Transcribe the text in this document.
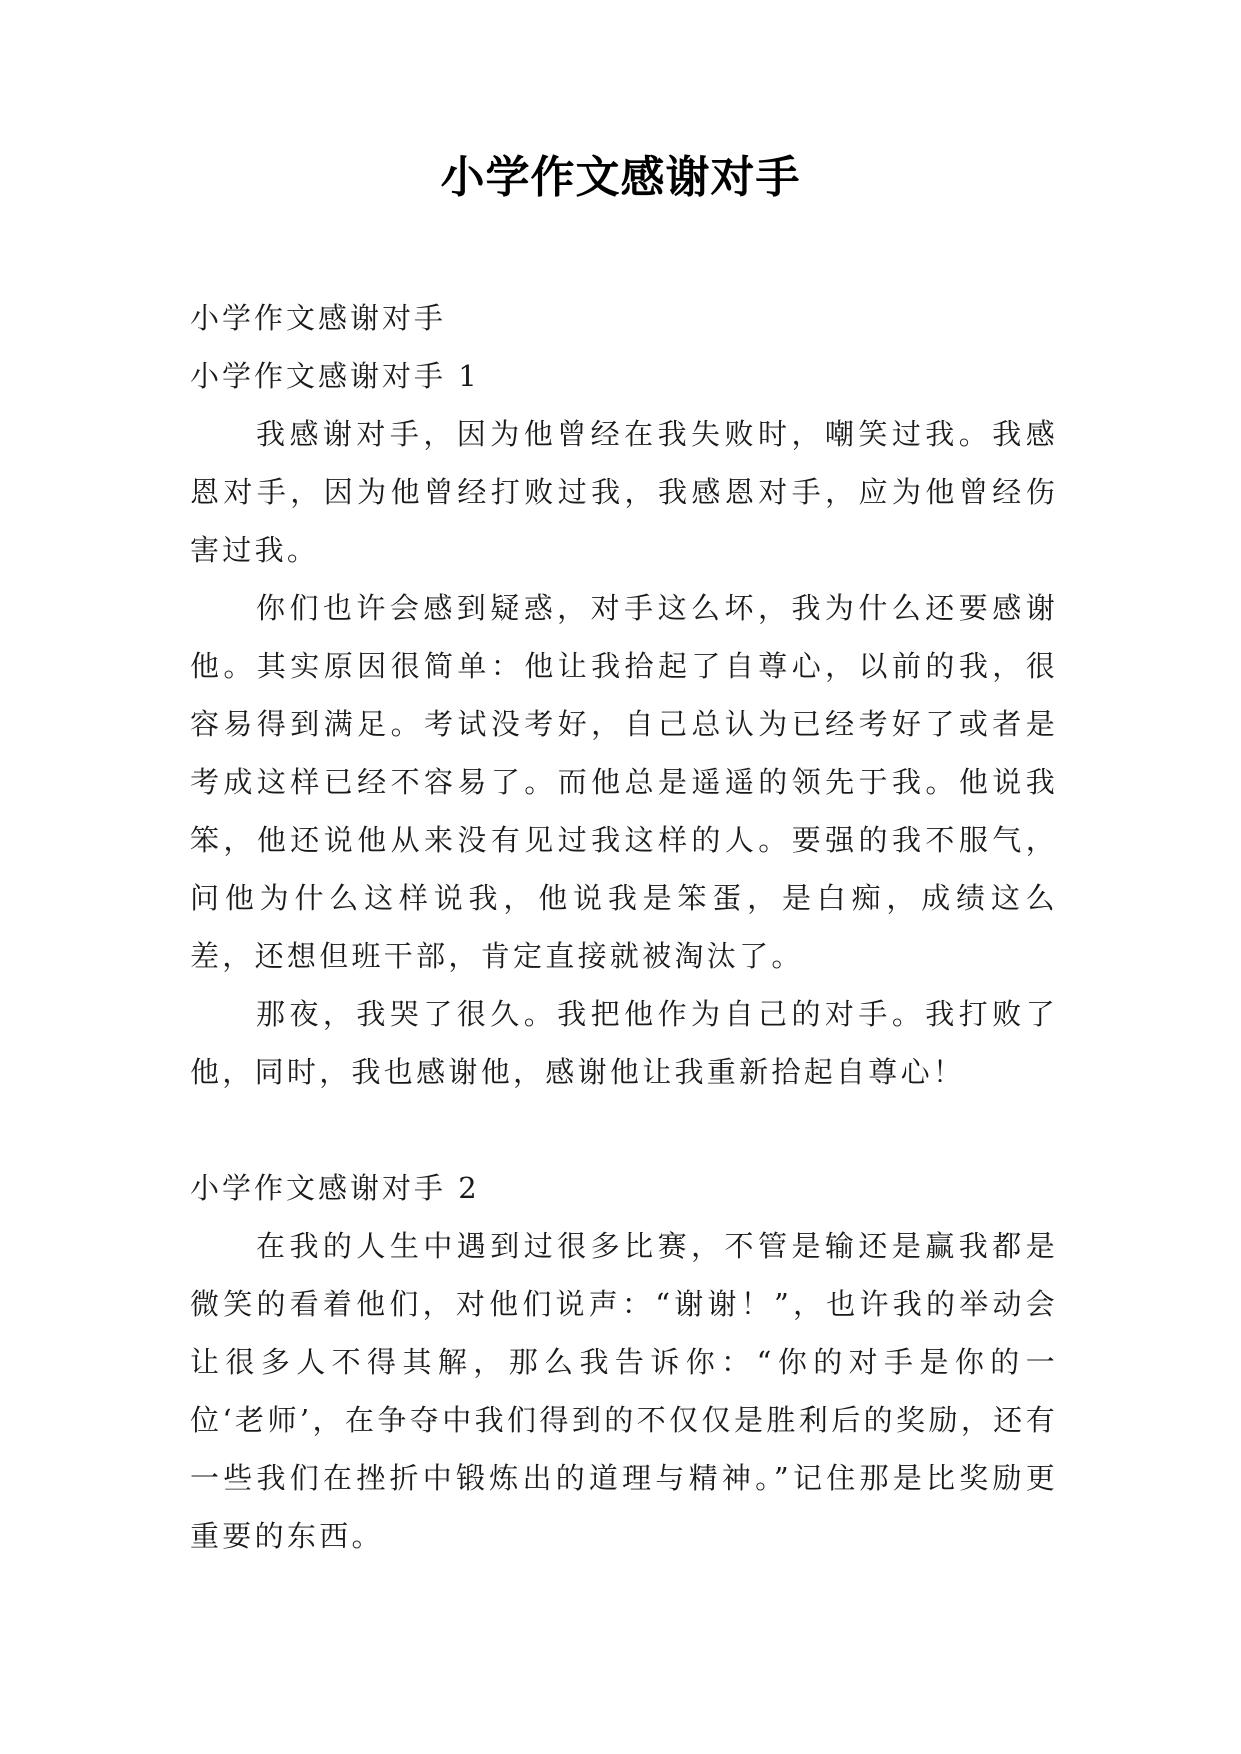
小学作文感谢对手

小学作文感谢对手

小学作文感谢对手 1

我感谢对手，因为他曾经在我失败时，嘲笑过我。我感恩对手，因为他曾经打败过我，我感恩对手，应为他曾经伤害过我。

你们也许会感到疑惑，对手这么坏，我为什么还要感谢他。其实原因很简单：他让我拾起了自尊心，以前的我，很容易得到满足。考试没考好，自己总认为已经考好了或者是考成这样已经不容易了。而他总是遥遥的领先于我。他说我笨，他还说他从来没有见过我这样的人。要强的我不服气，问他为什么这样说我，他说我是笨蛋，是白痴，成绩这么差，还想但班干部，肯定直接就被淘汰了。

那夜，我哭了很久。我把他作为自己的对手。我打败了他，同时，我也感谢他，感谢他让我重新拾起自尊心！

小学作文感谢对手 2

在我的人生中遇到过很多比赛，不管是输还是赢我都是微笑的看着他们，对他们说声：“谢谢！”，也许我的举动会让很多人不得其解，那么我告诉你：“你的对手是你的一位‘老师’，在争夺中我们得到的不仅仅是胜利后的奖励，还有一些我们在挫折中锻炼出的道理与精神。”记住那是比奖励更重要的东西。
